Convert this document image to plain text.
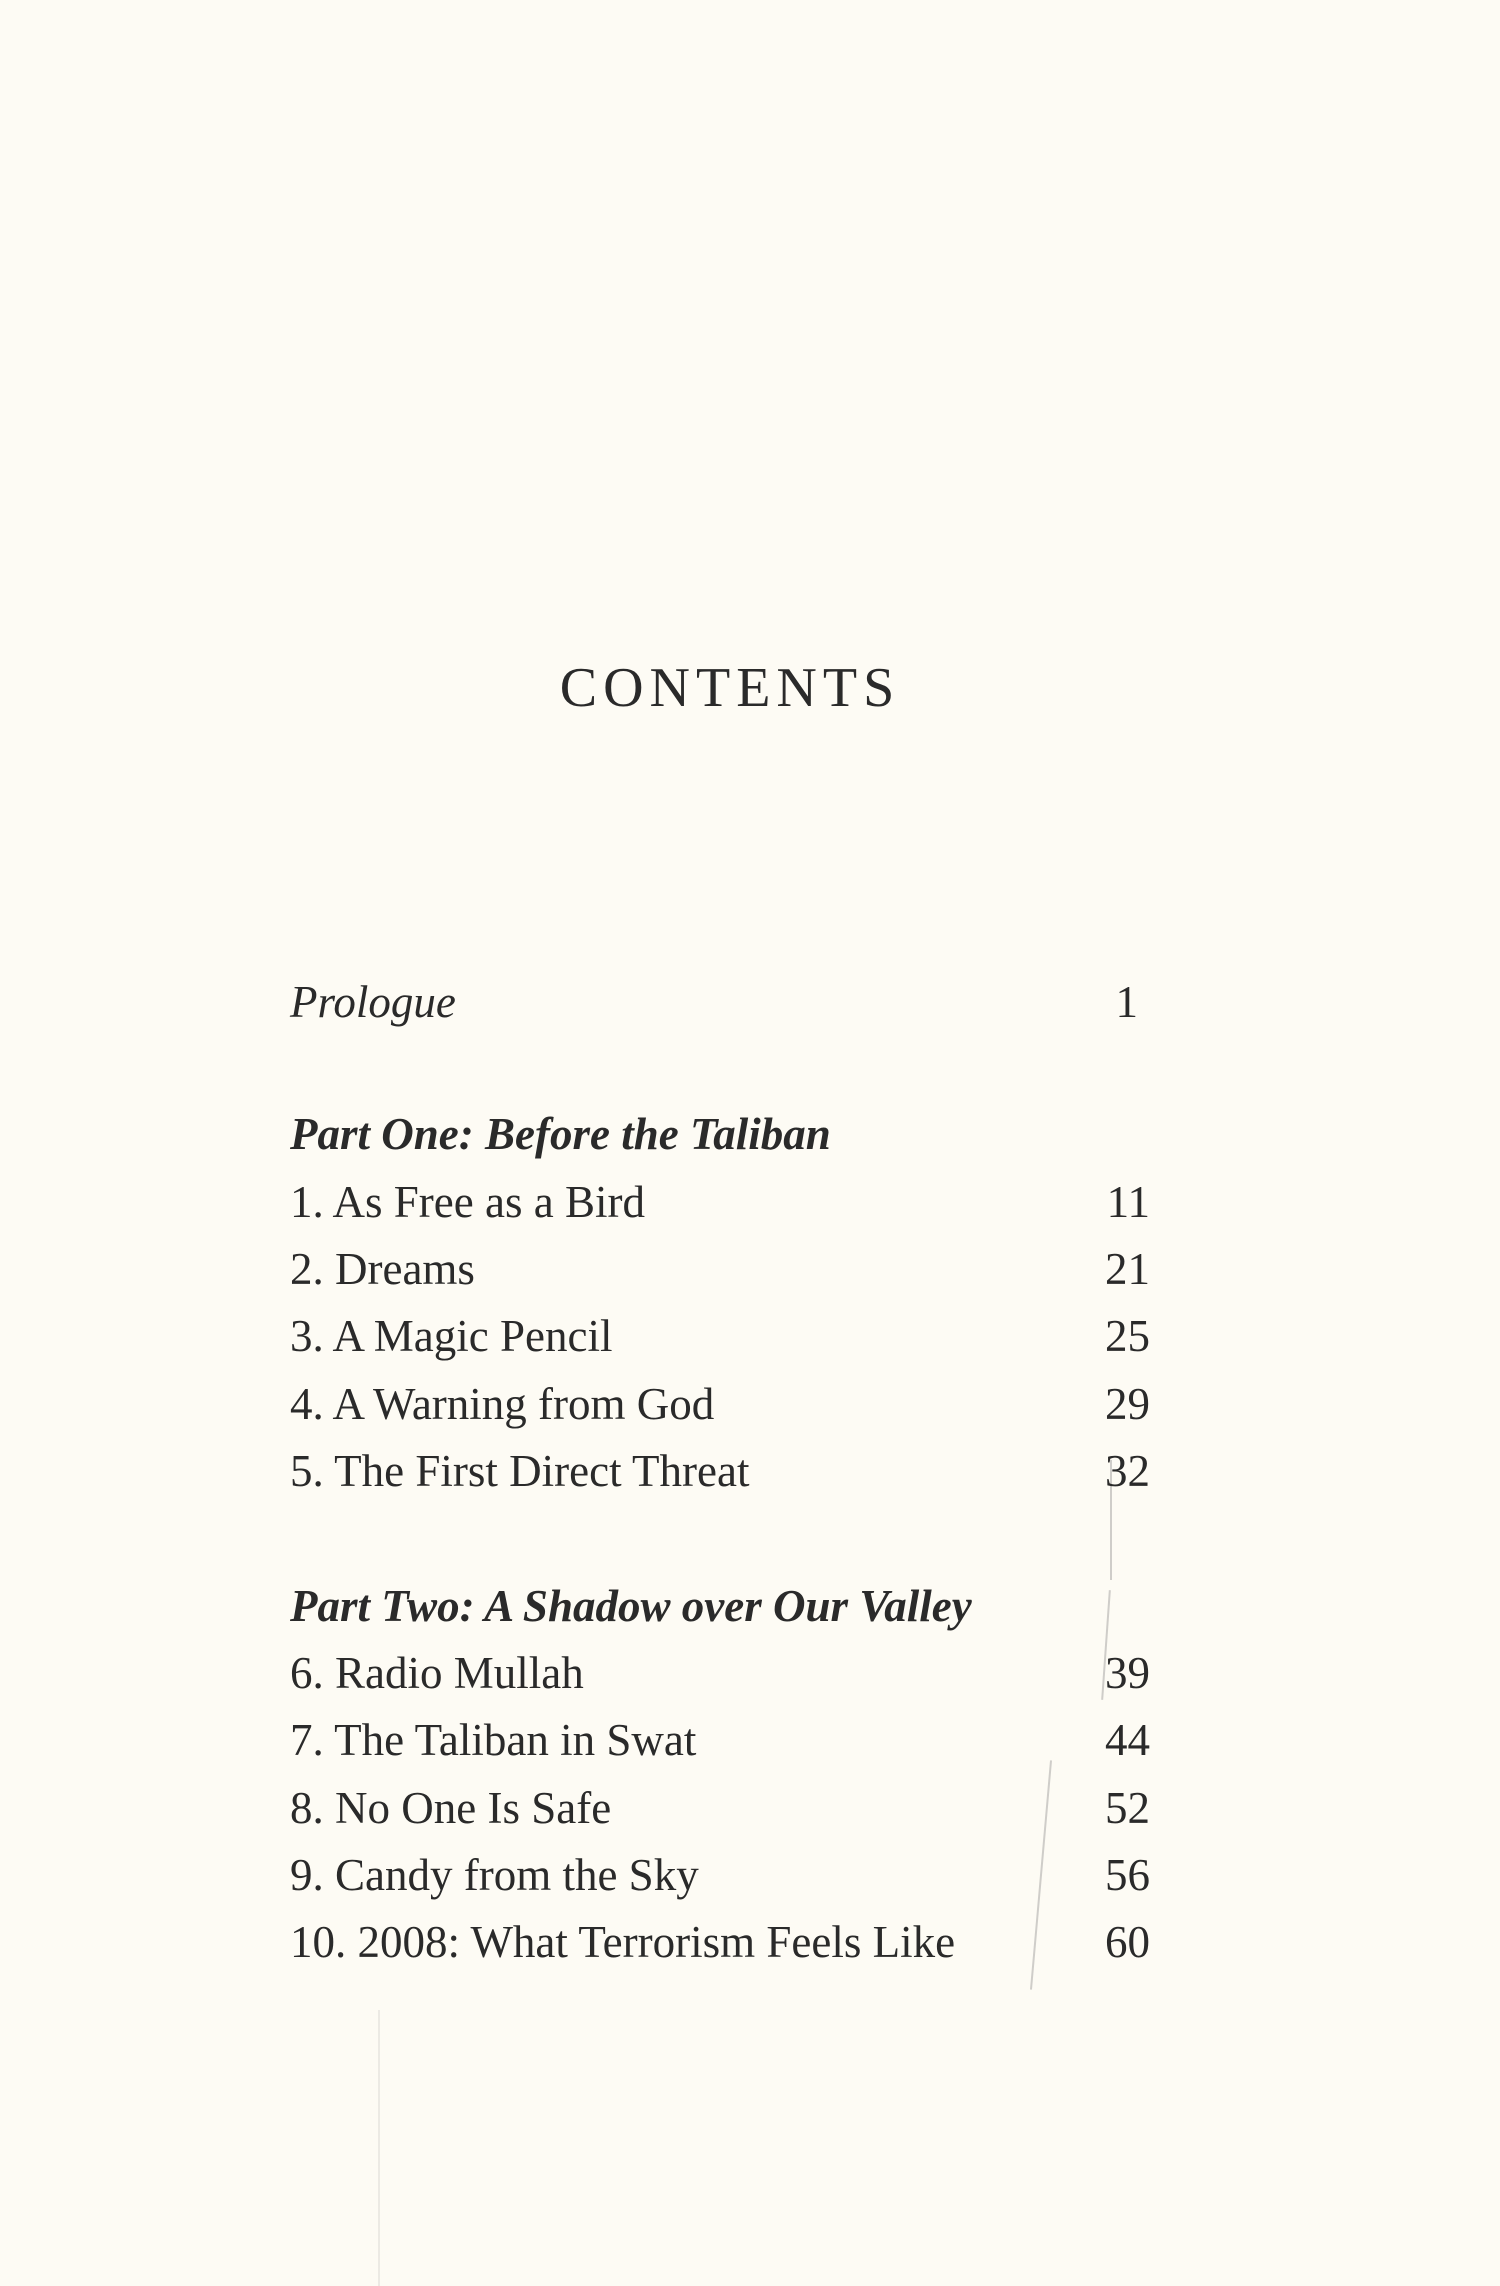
CONTENTS
Prologue	1
Part One: Before the Taliban
1. As Free as a Bird	11
2. Dreams	21
3. A Magic Pencil	25
4. A Warning from God	29
5. The First Direct Threat	32
Part Two: A Shadow over Our Valley
6. Radio Mullah	39
7. The Taliban in Swat	44
8. No One Is Safe	52
9. Candy from the Sky	56
10. 2008: What Terrorism Feels Like	60
